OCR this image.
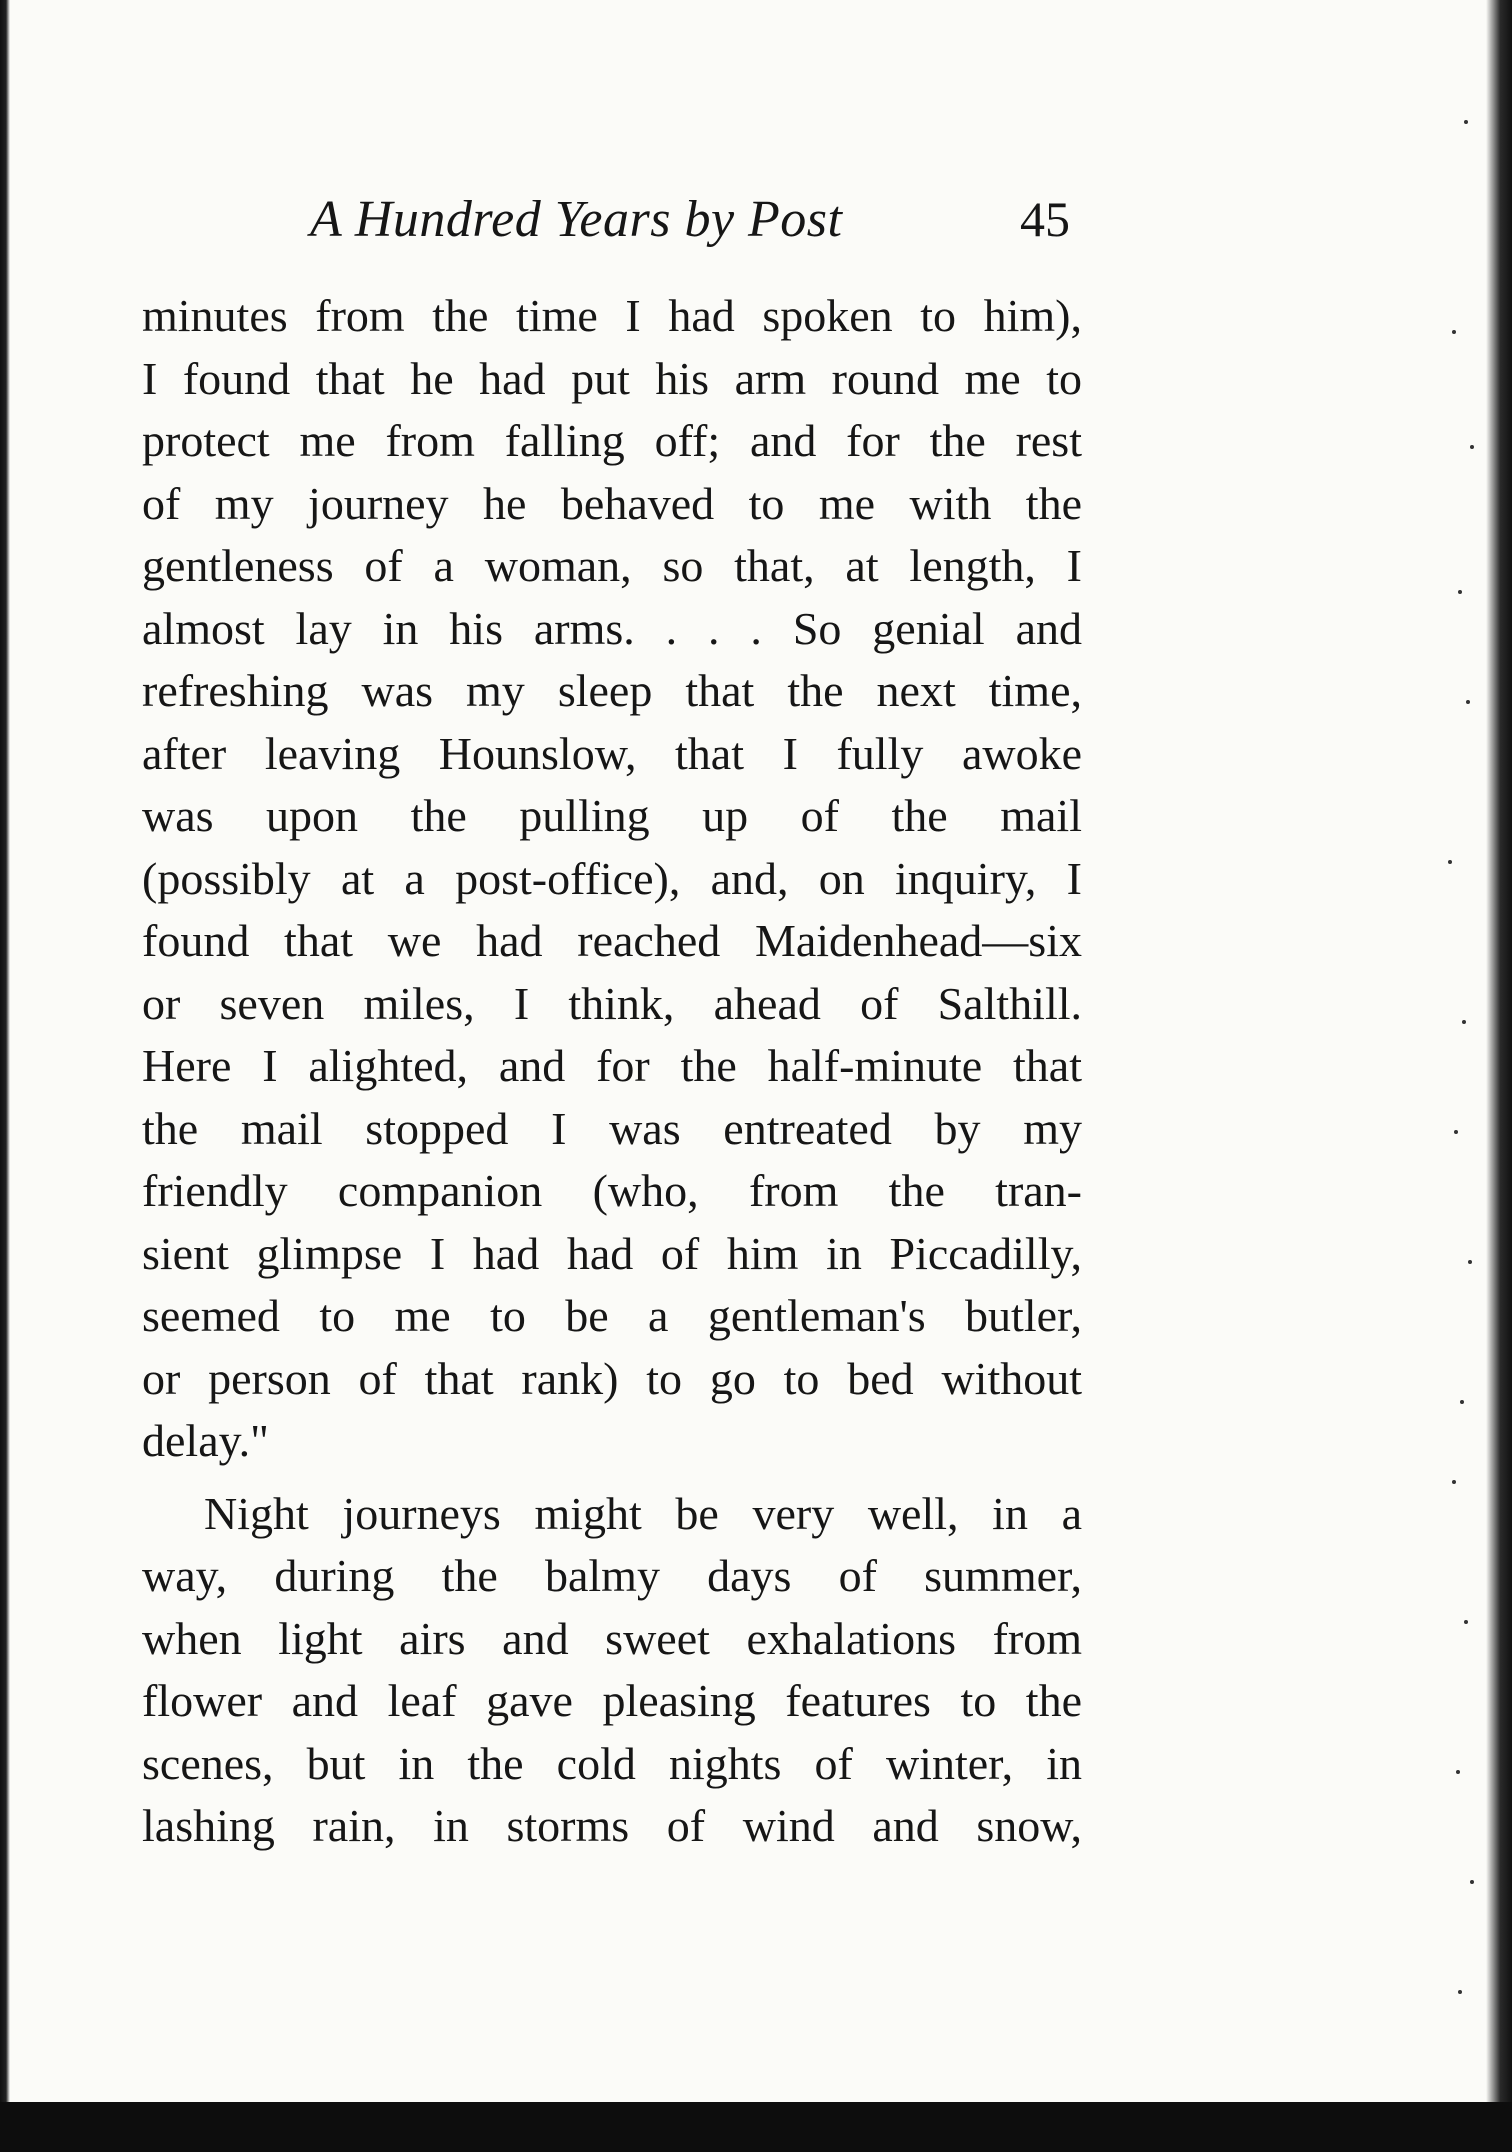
A Hundred Years by Post	45
minutes from the time I had spoken to him),
I found that he had put his arm round me to
protect me from falling off; and for the rest
of my journey he behaved to me with the
gentleness of a woman, so that, at length, I
almost lay in his arms. . . . So genial and
refreshing was my sleep that the next time,
after leaving Hounslow, that I fully awoke
was upon the pulling up of the mail
(possibly at a post-office), and, on inquiry, I
found that we had reached Maidenhead—six
or seven miles, I think, ahead of Salthill.
Here I alighted, and for the half-minute that
the mail stopped I was entreated by my
friendly companion (who, from the tran-
sient glimpse I had had of him in Piccadilly,
seemed to me to be a gentleman's butler,
or person of that rank) to go to bed without
delay."
Night journeys might be very well, in a
way, during the balmy days of summer,
when light airs and sweet exhalations from
flower and leaf gave pleasing features to the
scenes, but in the cold nights of winter, in
lashing rain, in storms of wind and snow,
